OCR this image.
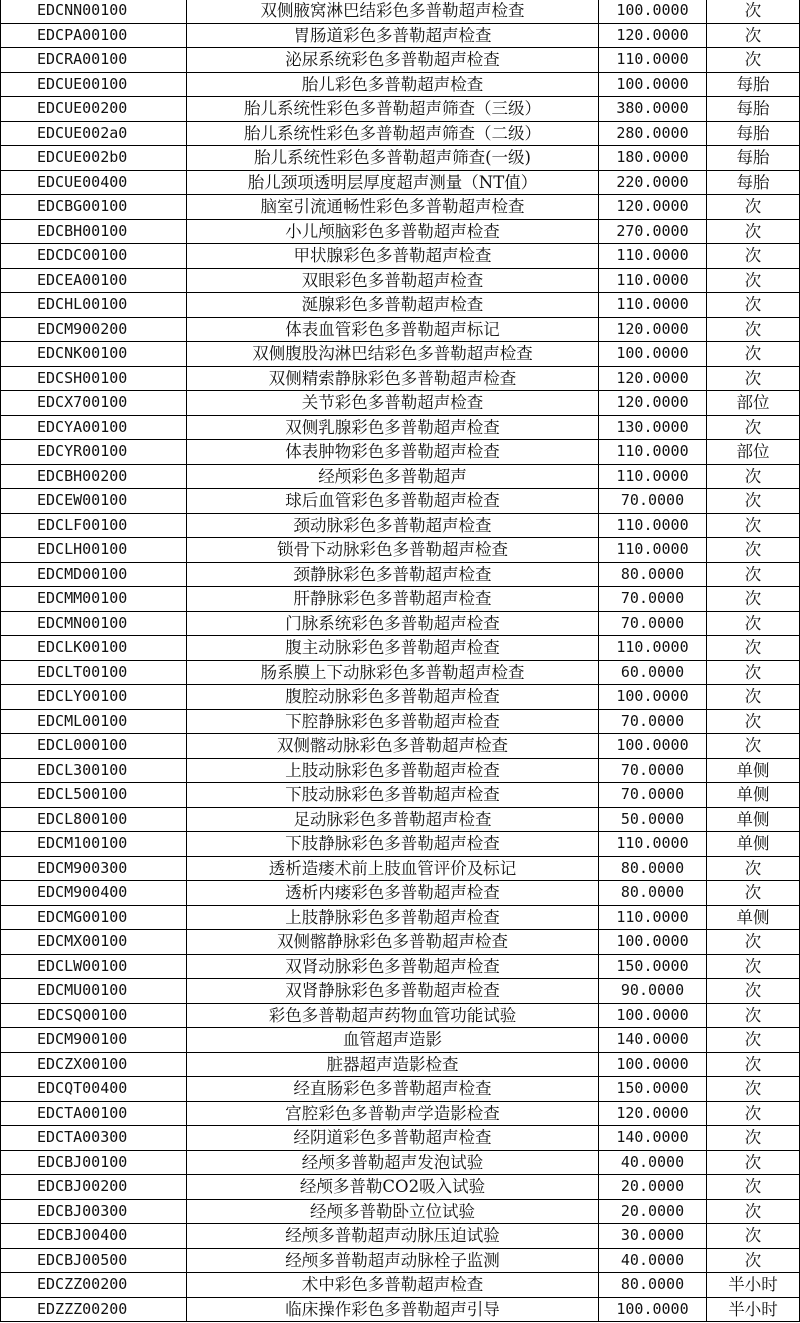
EDCNN00100	双侧腋窝淋巴结彩色多普勒超声检查	100.0000	次
EDCPA00100	胃肠道彩色多普勒超声检查	120.0000	次
EDCRA00100	泌尿系统彩色多普勒超声检查	110.0000	次
EDCUE00100	胎儿彩色多普勒超声检查	100.0000	每胎
EDCUE00200	胎儿系统性彩色多普勒超声筛查（三级）	380.0000	每胎
EDCUE002a0	胎儿系统性彩色多普勒超声筛查（二级）	280.0000	每胎
EDCUE002b0	胎儿系统性彩色多普勒超声筛查(一级)	180.0000	每胎
EDCUE00400	胎儿颈项透明层厚度超声测量（NT值）	220.0000	每胎
EDCBG00100	脑室引流通畅性彩色多普勒超声检查	120.0000	次
EDCBH00100	小儿颅脑彩色多普勒超声检查	270.0000	次
EDCDC00100	甲状腺彩色多普勒超声检查	110.0000	次
EDCEA00100	双眼彩色多普勒超声检查	110.0000	次
EDCHL00100	涎腺彩色多普勒超声检查	110.0000	次
EDCM900200	体表血管彩色多普勒超声标记	120.0000	次
EDCNK00100	双侧腹股沟淋巴结彩色多普勒超声检查	100.0000	次
EDCSH00100	双侧精索静脉彩色多普勒超声检查	120.0000	次
EDCX700100	关节彩色多普勒超声检查	120.0000	部位
EDCYA00100	双侧乳腺彩色多普勒超声检查	130.0000	次
EDCYR00100	体表肿物彩色多普勒超声检查	110.0000	部位
EDCBH00200	经颅彩色多普勒超声	110.0000	次
EDCEW00100	球后血管彩色多普勒超声检查	70.0000	次
EDCLF00100	颈动脉彩色多普勒超声检查	110.0000	次
EDCLH00100	锁骨下动脉彩色多普勒超声检查	110.0000	次
EDCMD00100	颈静脉彩色多普勒超声检查	80.0000	次
EDCMM00100	肝静脉彩色多普勒超声检查	70.0000	次
EDCMN00100	门脉系统彩色多普勒超声检查	70.0000	次
EDCLK00100	腹主动脉彩色多普勒超声检查	110.0000	次
EDCLT00100	肠系膜上下动脉彩色多普勒超声检查	60.0000	次
EDCLY00100	腹腔动脉彩色多普勒超声检查	100.0000	次
EDCML00100	下腔静脉彩色多普勒超声检查	70.0000	次
EDCL000100	双侧髂动脉彩色多普勒超声检查	100.0000	次
EDCL300100	上肢动脉彩色多普勒超声检查	70.0000	单侧
EDCL500100	下肢动脉彩色多普勒超声检查	70.0000	单侧
EDCL800100	足动脉彩色多普勒超声检查	50.0000	单侧
EDCM100100	下肢静脉彩色多普勒超声检查	110.0000	单侧
EDCM900300	透析造瘘术前上肢血管评价及标记	80.0000	次
EDCM900400	透析内瘘彩色多普勒超声检查	80.0000	次
EDCMG00100	上肢静脉彩色多普勒超声检查	110.0000	单侧
EDCMX00100	双侧髂静脉彩色多普勒超声检查	100.0000	次
EDCLW00100	双肾动脉彩色多普勒超声检查	150.0000	次
EDCMU00100	双肾静脉彩色多普勒超声检查	90.0000	次
EDCSQ00100	彩色多普勒超声药物血管功能试验	100.0000	次
EDCM900100	血管超声造影	140.0000	次
EDCZX00100	脏器超声造影检查	100.0000	次
EDCQT00400	经直肠彩色多普勒超声检查	150.0000	次
EDCTA00100	宫腔彩色多普勒声学造影检查	120.0000	次
EDCTA00300	经阴道彩色多普勒超声检查	140.0000	次
EDCBJ00100	经颅多普勒超声发泡试验	40.0000	次
EDCBJ00200	经颅多普勒CO2吸入试验	20.0000	次
EDCBJ00300	经颅多普勒卧立位试验	20.0000	次
EDCBJ00400	经颅多普勒超声动脉压迫试验	30.0000	次
EDCBJ00500	经颅多普勒超声动脉栓子监测	40.0000	次
EDCZZ00200	术中彩色多普勒超声检查	80.0000	半小时
EDZZZ00200	临床操作彩色多普勒超声引导	100.0000	半小时
